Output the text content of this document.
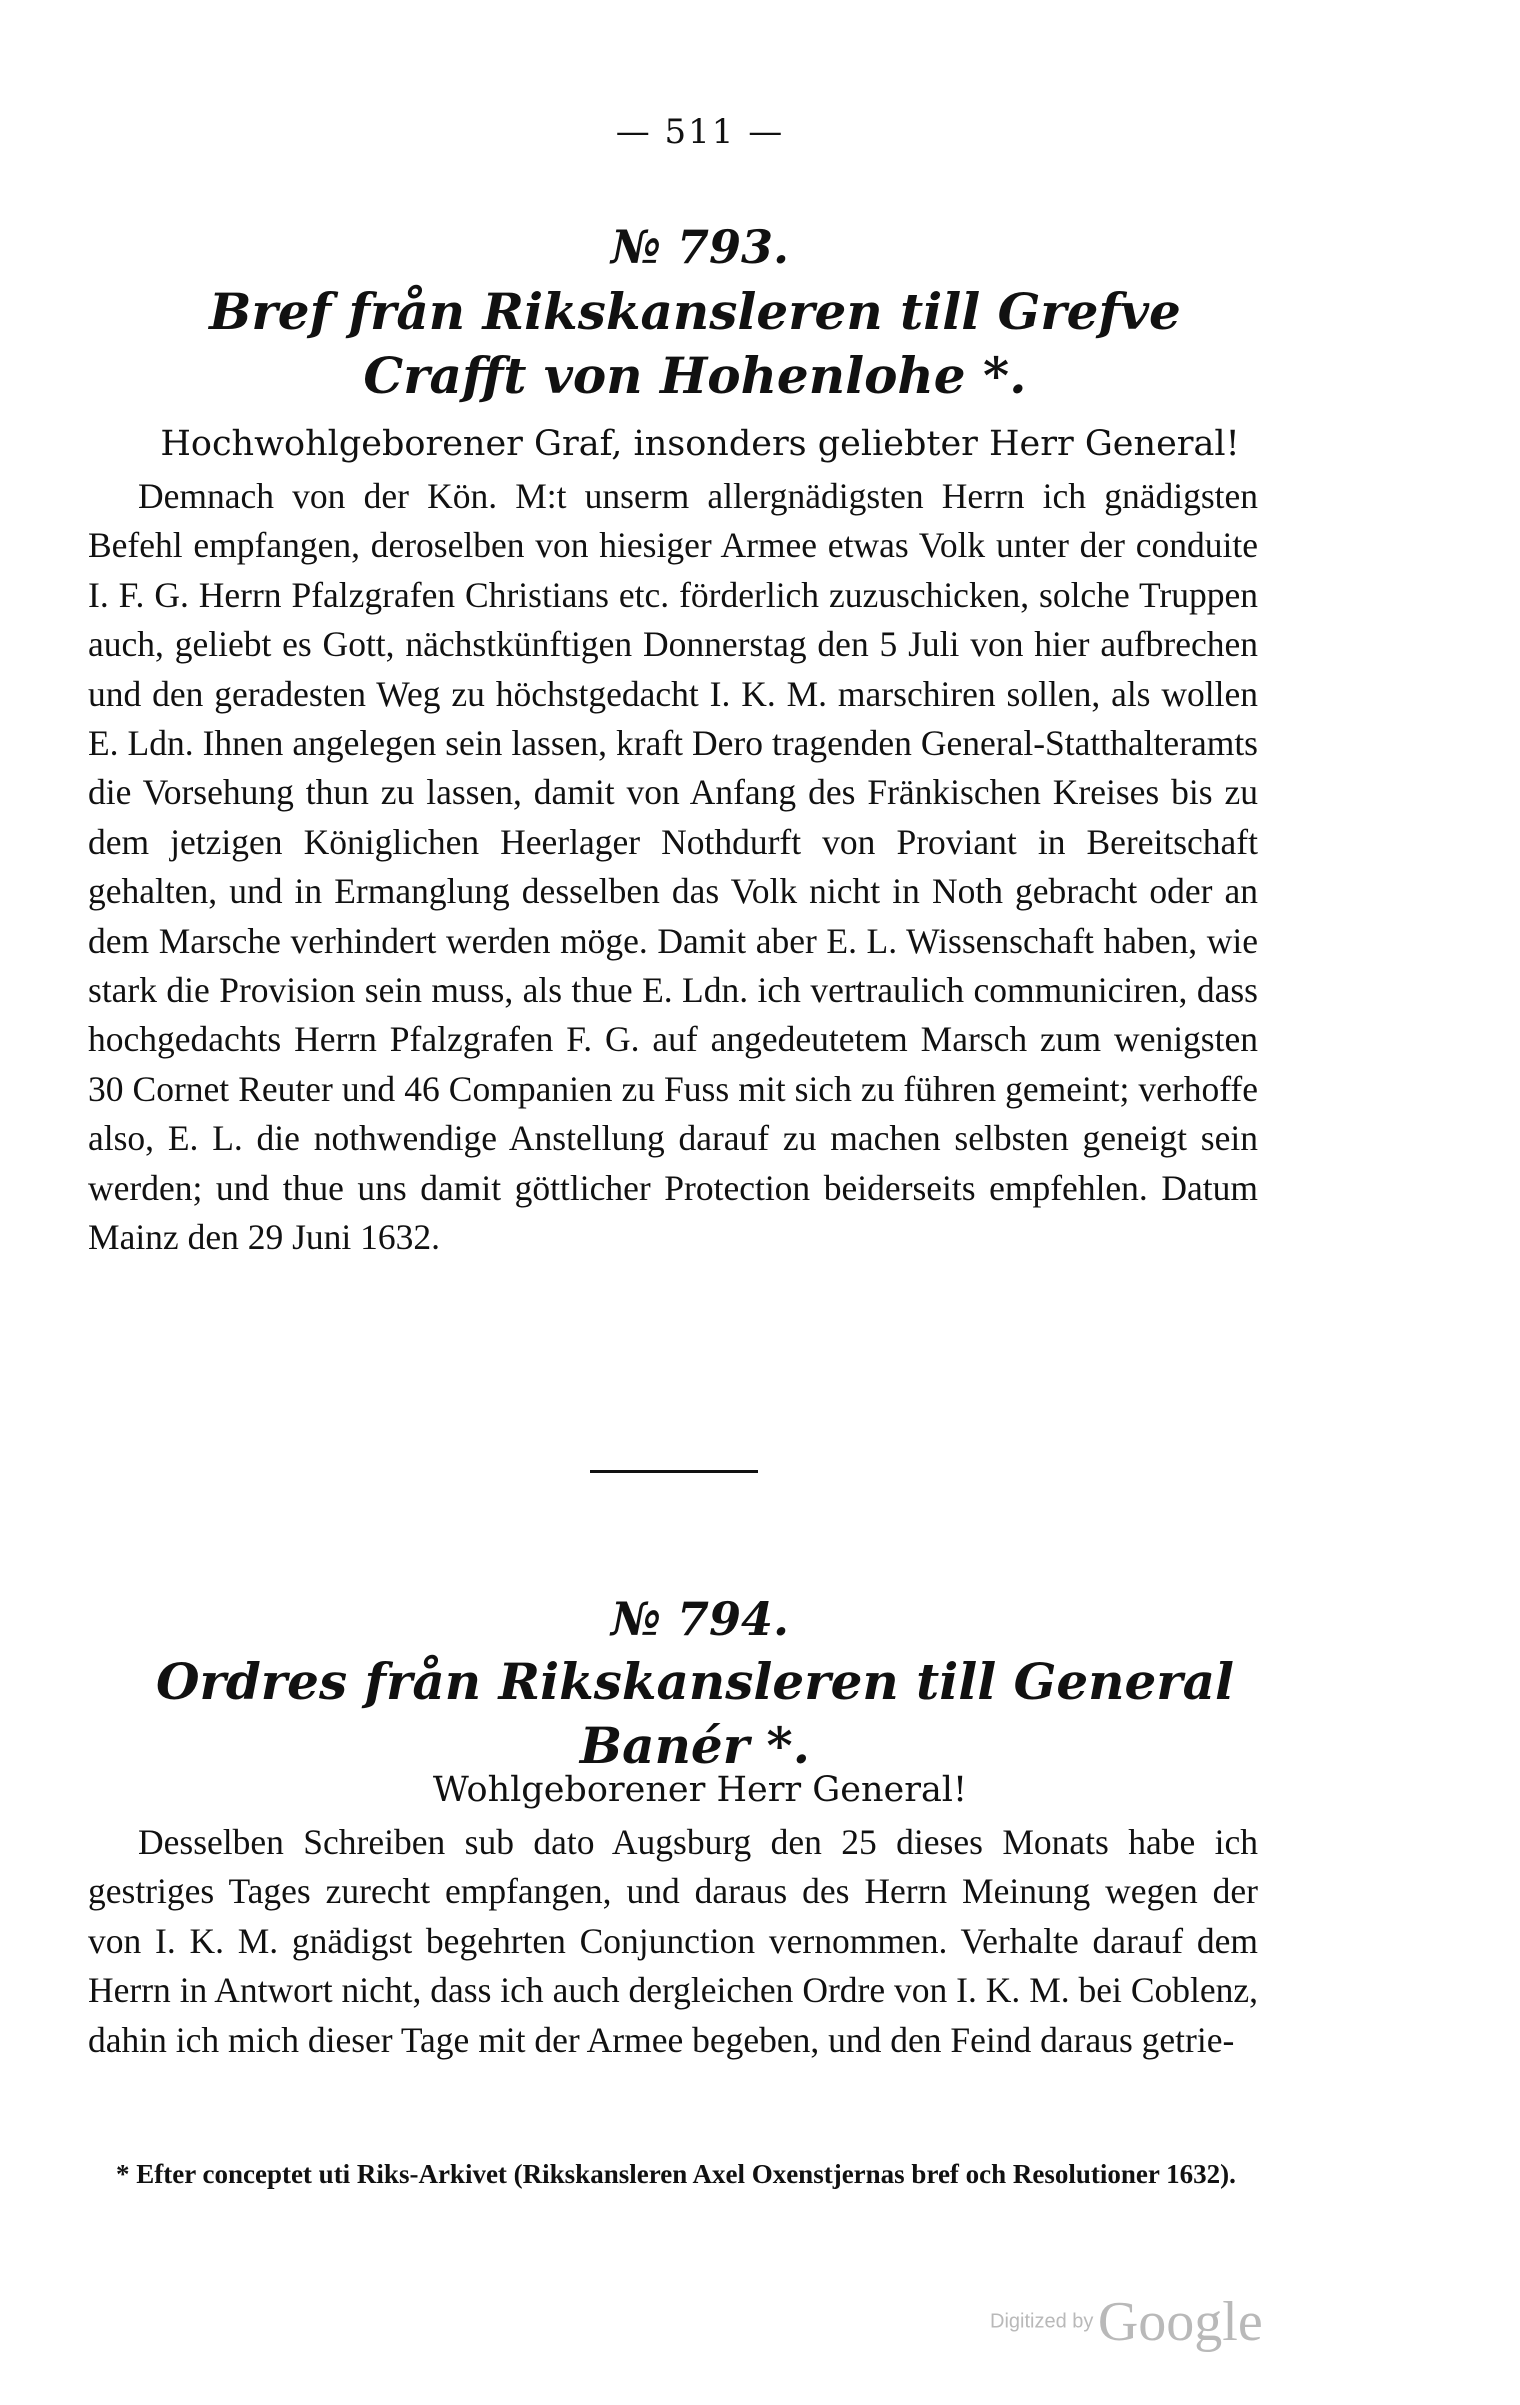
— 511 —
№ 793.
Bref från Rikskansleren till Grefve Crafft von Hohenlohe *.
Hochwohlgeborener Graf, insonders geliebter Herr General!

Demnach von der Kön. M:t unserm allergnädigsten Herrn ich gnädigsten Befehl empfangen, deroselben von hiesiger Armee etwas Volk unter der conduite I. F. G. Herrn Pfalzgrafen Christians etc. förderlich zuzuschicken, solche Truppen auch, geliebt es Gott, nächstkünftigen Donnerstag den 5 Juli von hier aufbrechen und den geradesten Weg zu höchstgedacht I. K. M. marschiren sollen, als wollen E. Ldn. Ihnen angelegen sein lassen, kraft Dero tragenden General-Statthalteramts die Vorsehung thun zu lassen, damit von Anfang des Fränkischen Kreises bis zu dem jetzigen Königlichen Heerlager Nothdurft von Proviant in Bereitschaft gehalten, und in Ermanglung desselben das Volk nicht in Noth gebracht oder an dem Marsche verhindert werden möge. Damit aber E. L. Wissenschaft haben, wie stark die Provision sein muss, als thue E. Ldn. ich vertraulich communiciren, dass hochgedachts Herrn Pfalzgrafen F. G. auf angedeutetem Marsch zum wenigsten 30 Cornet Reuter und 46 Companien zu Fuss mit sich zu führen gemeint; verhoffe also, E. L. die nothwendige Anstellung darauf zu machen selbsten geneigt sein werden; und thue uns damit göttlicher Protection beiderseits empfehlen. Datum Mainz den 29 Juni 1632.

№ 794.
Ordres från Rikskansleren till General Banér *.
Wohlgeborener Herr General!

Desselben Schreiben sub dato Augsburg den 25 dieses Monats habe ich gestriges Tages zurecht empfangen, und daraus des Herrn Meinung wegen der von I. K. M. gnädigst begehrten Conjunction vernommen. Verhalte darauf dem Herrn in Antwort nicht, dass ich auch dergleichen Ordre von I. K. M. bei Coblenz, dahin ich mich dieser Tage mit der Armee begeben, und den Feind daraus getrie-

* Efter conceptet uti Riks-Arkivet (Rikskansleren Axel Oxenstjernas bref och Resolutioner 1632).

Digitized by Google
